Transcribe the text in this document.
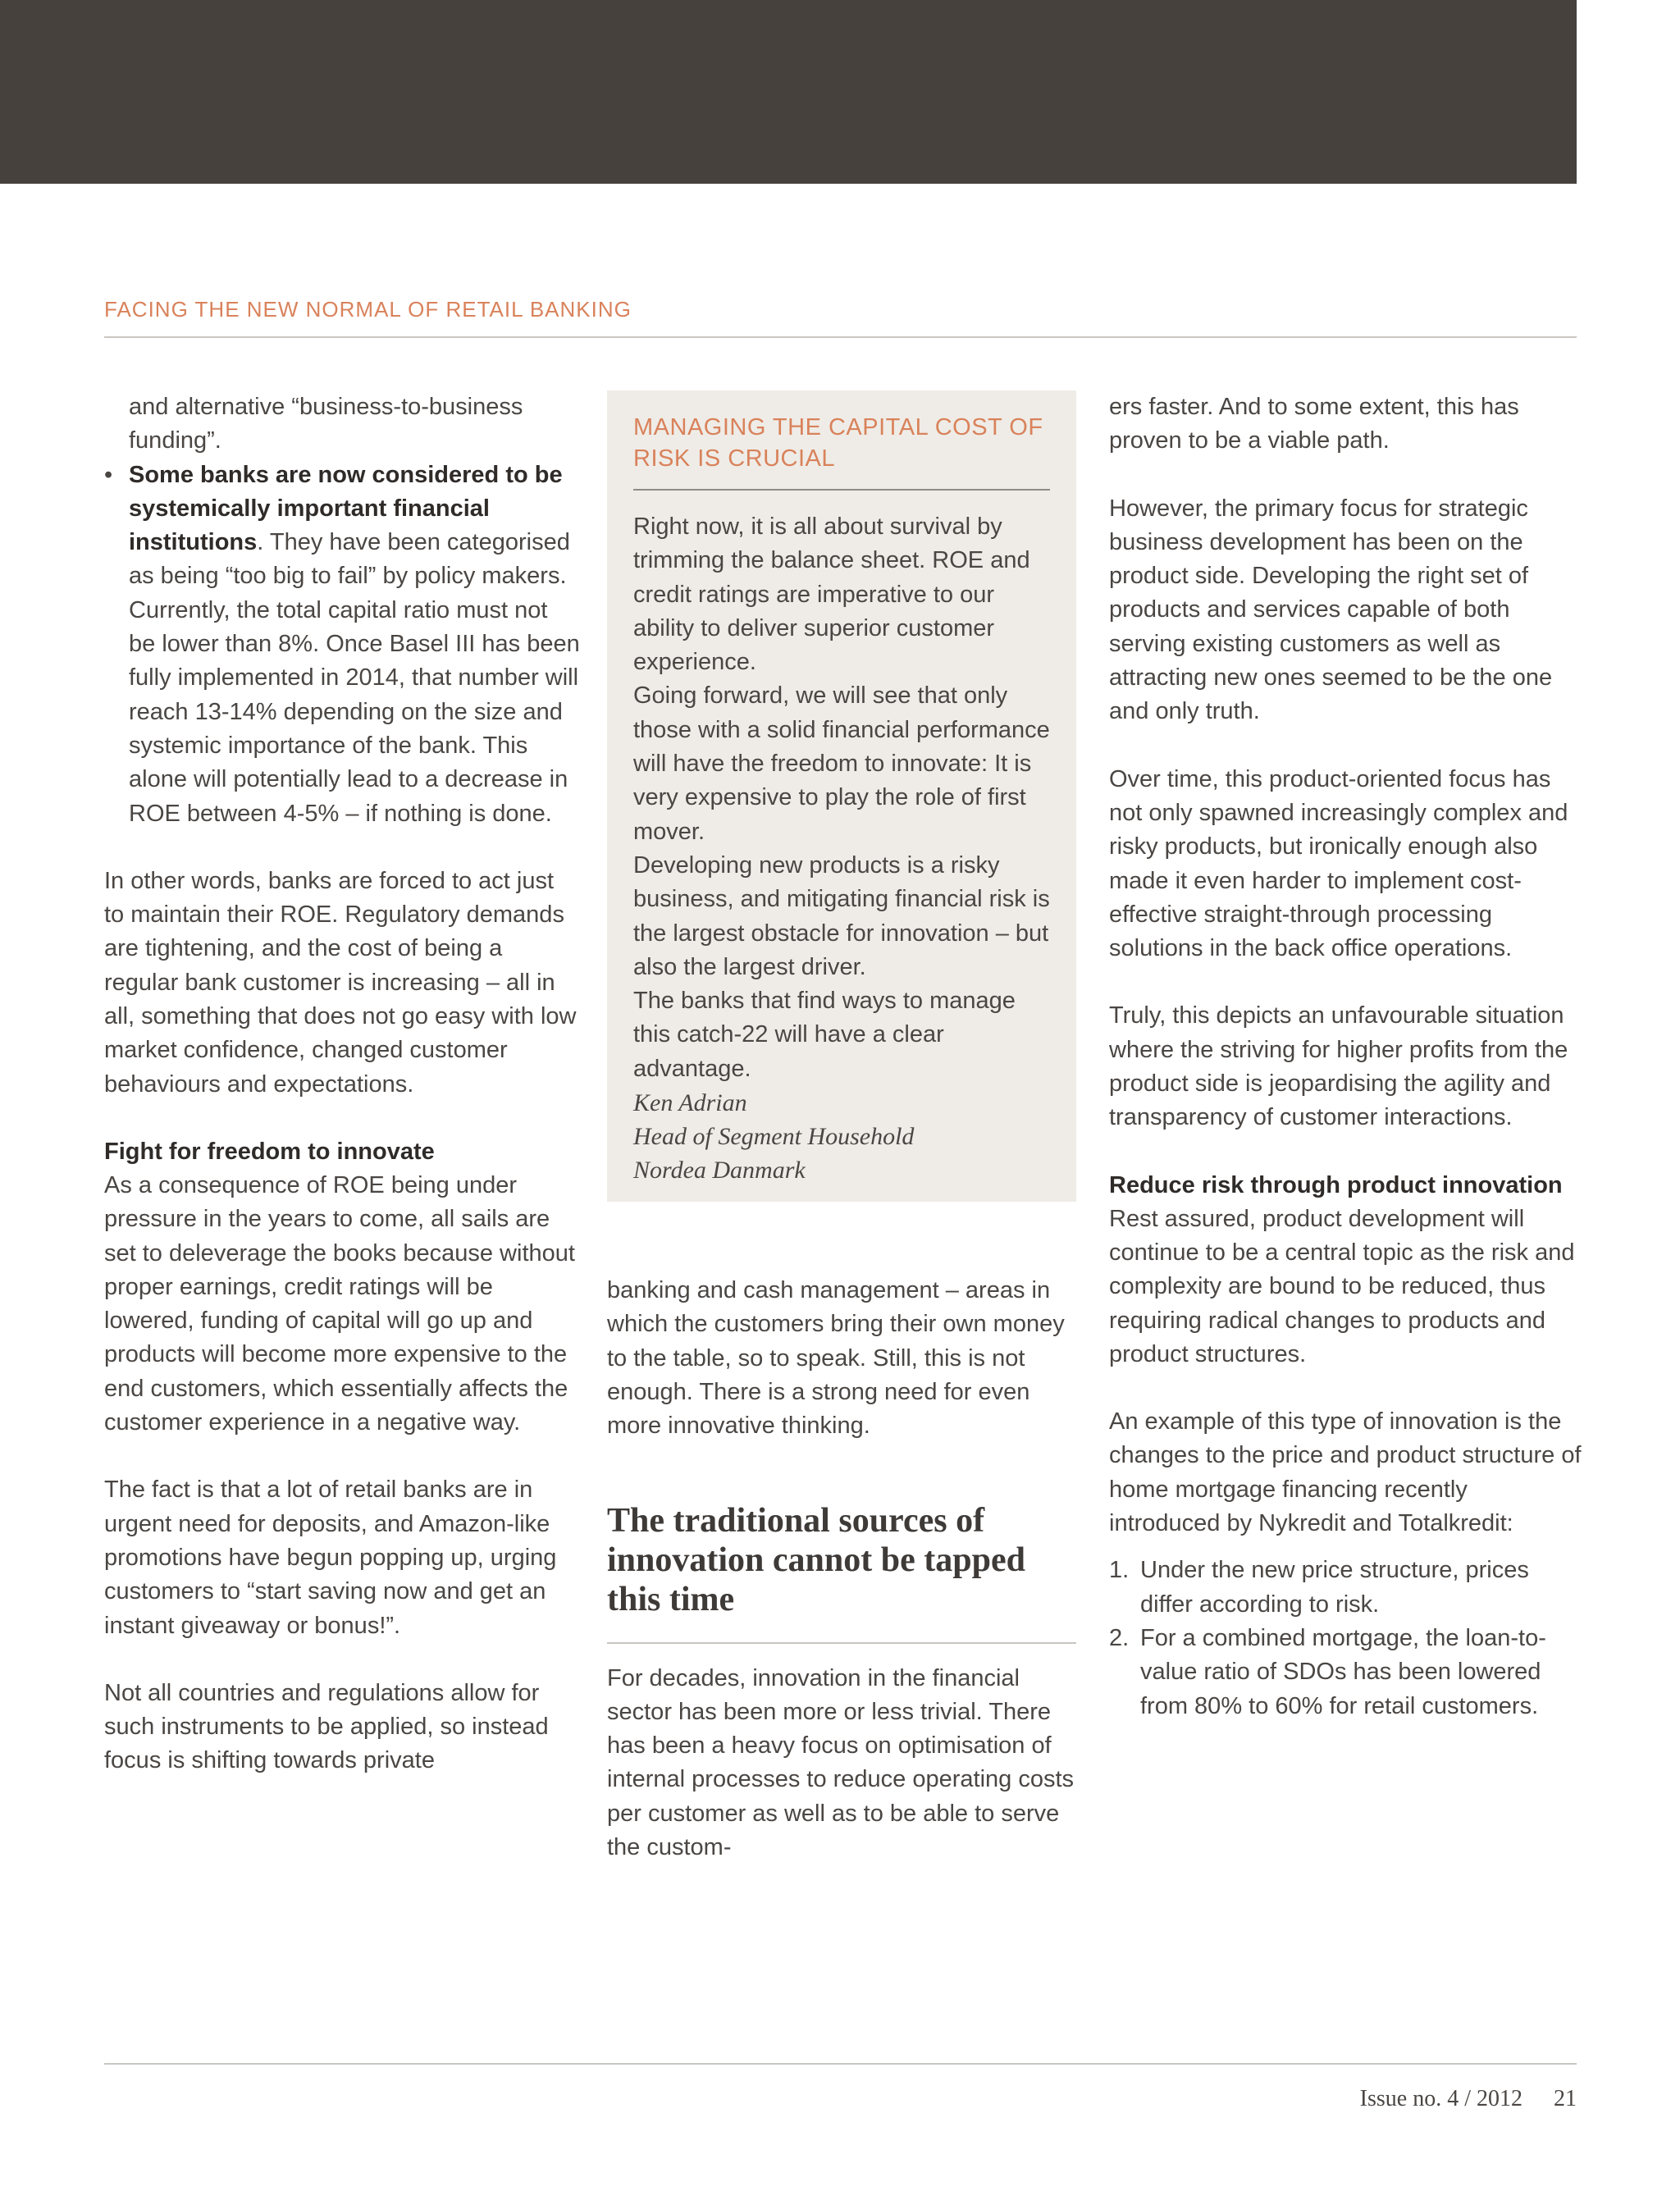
FACING THE NEW NORMAL OF RETAIL BANKING

and alternative “business-to-business

funding”.

• Some banks are now considered to be systemically important financial institutions. They have been categorised as being “too big to fail” by policy makers. Currently, the total capital ratio must not be lower than 8%. Once Basel III has been fully implemented in 2014, that number will reach 13-14% depending on the size and systemic importance of the bank. This alone will potentially lead to a decrease in ROE between 4-5% – if nothing is done.

In other words, banks are forced to act just to maintain their ROE. Regulatory demands are tightening, and the cost of being a regular bank customer is increasing – all in all, something that does not go easy with low market confidence, changed customer behaviours and expectations.

Fight for freedom to innovate

As a consequence of ROE being under pressure in the years to come, all sails are set to deleverage the books because without proper earnings, credit ratings will be lowered, funding of capital will go up and products will become more expensive to the end customers, which essentially affects the customer experience in a negative way.

The fact is that a lot of retail banks are in urgent need for deposits, and Amazon-like promotions have begun popping up, urging customers to “start saving now and get an instant giveaway or bonus!”.

Not all countries and regulations allow for such instruments to be applied, so instead focus is shifting towards private

MANAGING THE CAPITAL COST OF RISK IS CRUCIAL

Right now, it is all about survival by trimming the balance sheet. ROE and credit ratings are imperative to our ability to deliver superior customer experience.

Going forward, we will see that only those with a solid financial performance will have the freedom to innovate: It is very expensive to play the role of first mover.

Developing new products is a risky business, and mitigating financial risk is the largest obstacle for innovation – but also the largest driver.

The banks that find ways to manage this catch-22 will have a clear advantage.

Ken Adrian

Head of Segment Household

Nordea Danmark

banking and cash management – areas in which the customers bring their own money to the table, so to speak. Still, this is not enough. There is a strong need for even more innovative thinking.

The traditional sources of innovation cannot be tapped this time

For decades, innovation in the financial sector has been more or less trivial. There has been a heavy focus on optimisation of internal processes to reduce operating costs per customer as well as to be able to serve the custom-

ers faster. And to some extent, this has proven to be a viable path.

However, the primary focus for strategic business development has been on the product side. Developing the right set of products and services capable of both serving existing customers as well as attracting new ones seemed to be the one and only truth.

Over time, this product-oriented focus has not only spawned increasingly complex and risky products, but ironically enough also made it even harder to implement cost-effective straight-through processing solutions in the back office operations.

Truly, this depicts an unfavourable situation where the striving for higher profits from the product side is jeopardising the agility and transparency of customer interactions.

Reduce risk through product innovation

Rest assured, product development will continue to be a central topic as the risk and complexity are bound to be reduced, thus requiring radical changes to products and product structures.

An example of this type of innovation is the changes to the price and product structure of home mortgage financing recently introduced by Nykredit and Totalkredit:

1. Under the new price structure, prices differ according to risk.
2. For a combined mortgage, the loan-to-value ratio of SDOs has been lowered from 80% to 60% for retail customers.
Issue no. 4 / 2012 21
